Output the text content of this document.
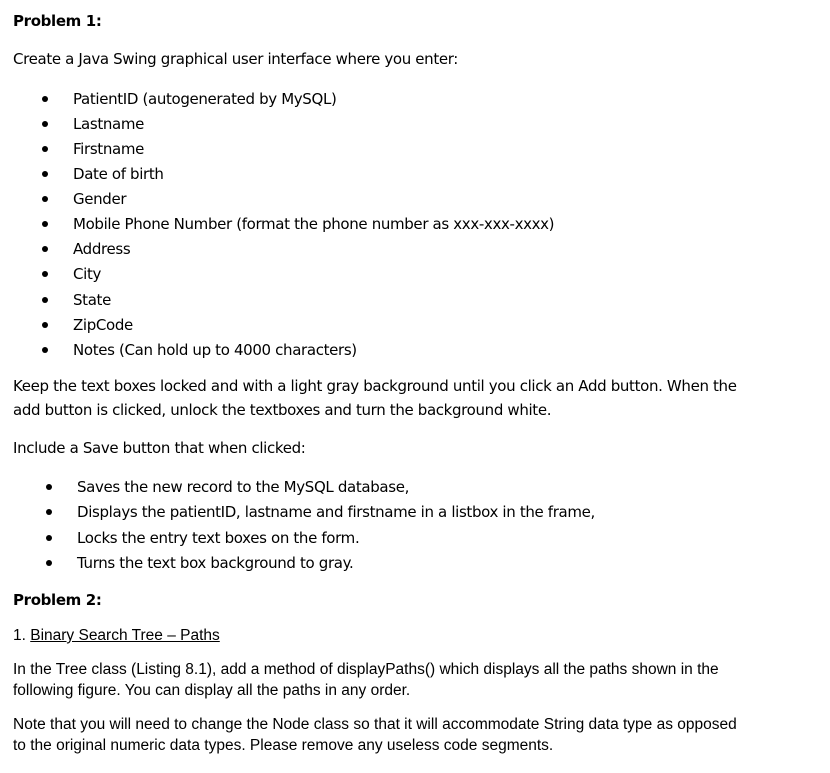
Problem 1:
Create a Java Swing graphical user interface where you enter:
PatientID (autogenerated by MySQL)
Lastname
Firstname
Date of birth
Gender
Mobile Phone Number (format the phone number as xxx-xxx-xxxx)
Address
City
State
ZipCode
Notes (Can hold up to 4000 characters)
Keep the text boxes locked and with a light gray background until you click an Add button. When the
add button is clicked, unlock the textboxes and turn the background white.
Include a Save button that when clicked:
Saves the new record to the MySQL database,
Displays the patientID, lastname and firstname in a listbox in the frame,
Locks the entry text boxes on the form.
Turns the text box background to gray.
Problem 2:
1. Binary Search Tree – Paths
In the Tree class (Listing 8.1), add a method of displayPaths() which displays all the paths shown in the
following figure. You can display all the paths in any order.
Note that you will need to change the Node class so that it will accommodate String data type as opposed
to the original numeric data types. Please remove any useless code segments.
